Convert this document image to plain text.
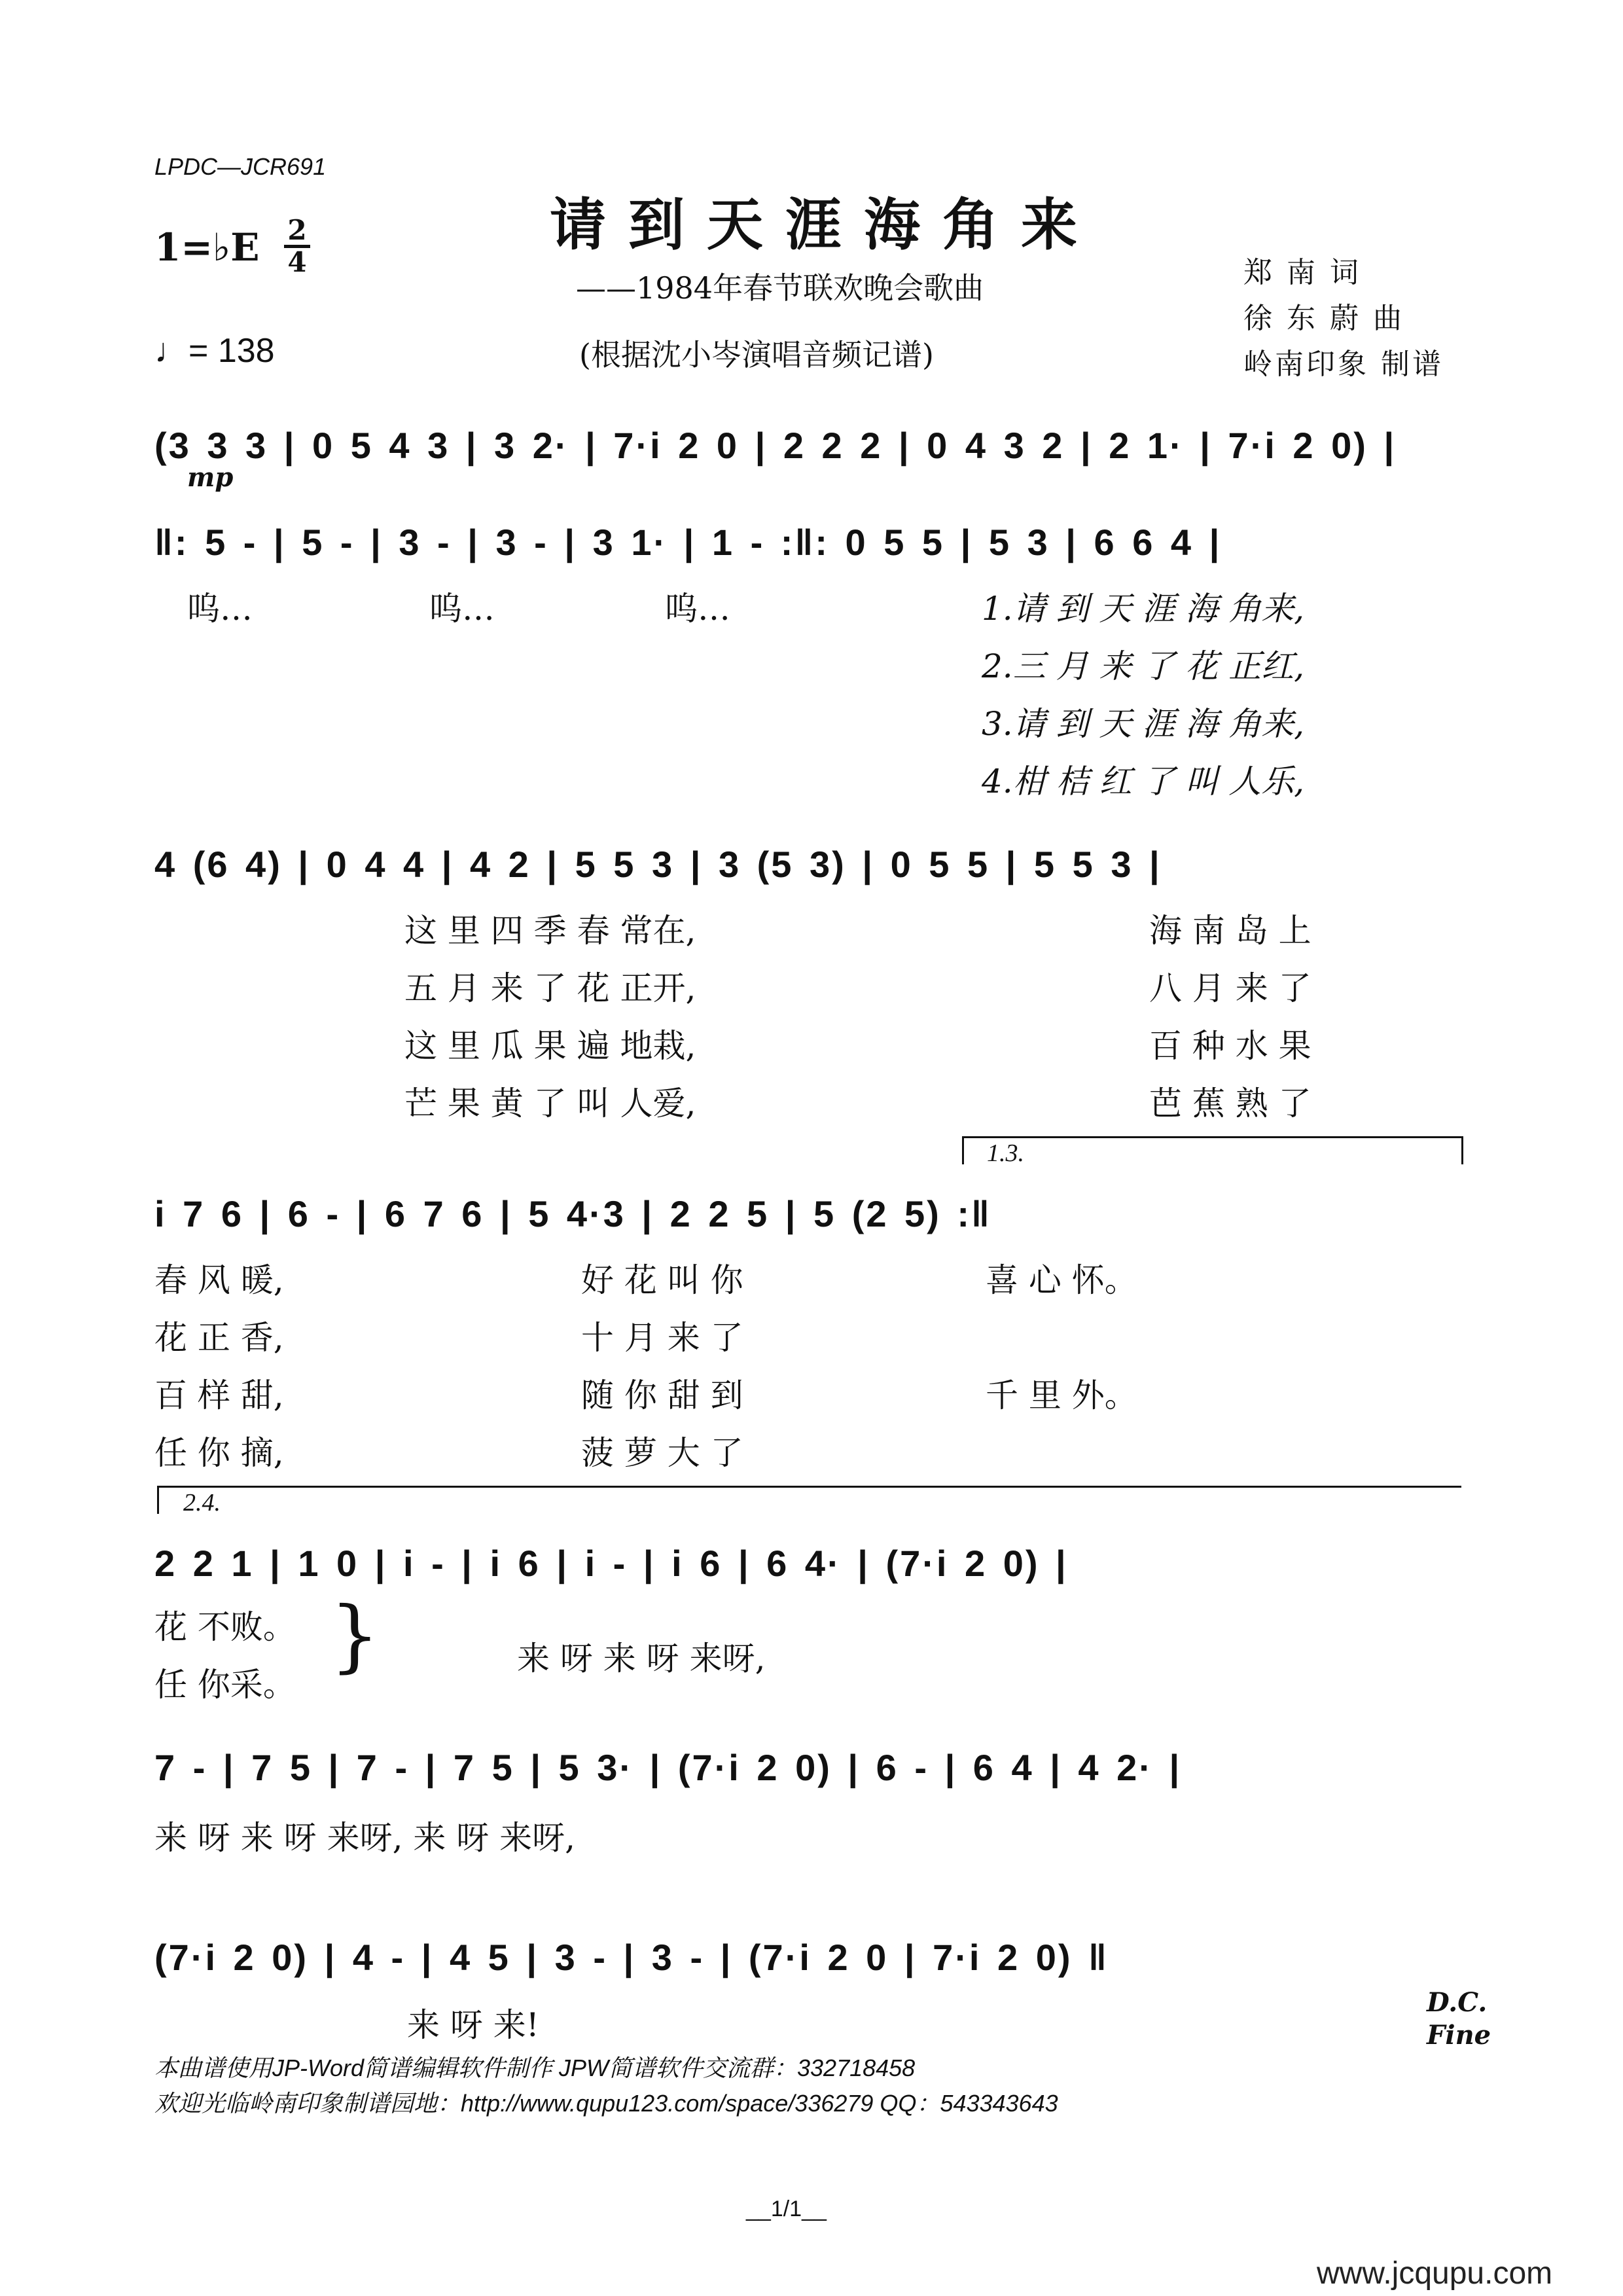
LPDC—JCR691
请到天涯海角来
——1984年春节联欢晚会歌曲
(根据沈小岑演唱音频记谱)
1=♭E 2
4
♩= 138
郑 南 词
徐 东 蔚 曲
岭南印象 制谱
(3 3 3 | 0 5 4 3 | 3 2· | 7·i 2 0 | 2 2 2 | 0 4 3 2 | 2 1· | 7·i 2 0) |
mp
‖: 5 - | 5 - | 3 - | 3 - | 3 1· | 1 - :‖: 0 5 5 | 5 3 | 6 6 4 |
呜…	呜…	呜…	1.请 到 天 涯 海 角来,
2.三 月 来 了 花 正红,
3.请 到 天 涯 海 角来,
4.柑 桔 红 了 叫 人乐,
4 (6 4) | 0 4 4 | 4 2 | 5 5 3 | 3 (5 3) | 0 5 5 | 5 5 3 |
这 里 四 季 春 常在,
五 月 来 了 花 正开,
这 里 瓜 果 遍 地栽,
芒 果 黄 了 叫 人爱,
海 南 岛 上
八 月 来 了
百 种 水 果
芭 蕉 熟 了
1.3.
i 7 6 | 6 - | 6 7 6 | 5 4·3 | 2 2 5 | 5 (2 5) :‖
春 风 暖,
花 正 香,
百 样 甜,
任 你 摘,
好 花 叫 你
十 月 来 了
随 你 甜 到
菠 萝 大 了
喜 心 怀。
千 里 外。
2.4.
2 2 1 | 1 0 | i - | i 6 | i - | i 6 | 6 4· | (7·i 2 0) |
花 不败。
任 你采。
}	来 呀 来 呀 来呀,
7 - | 7 5 | 7 - | 7 5 | 5 3· | (7·i 2 0) | 6 - | 6 4 | 4 2· |
来 呀 来 呀 来呀, 来 呀 来呀,
(7·i 2 0) | 4 - | 4 5 | 3 - | 3 - | (7·i 2 0 | 7·i 2 0) ‖
来 呀 来!
D.C.
Fine
本曲谱使用JP-Word简谱编辑软件制作 JPW简谱软件交流群：332718458
欢迎光临岭南印象制谱园地：http://www.qupu123.com/space/336279 QQ：543343643
__1/1__
www.jcqupu.com
